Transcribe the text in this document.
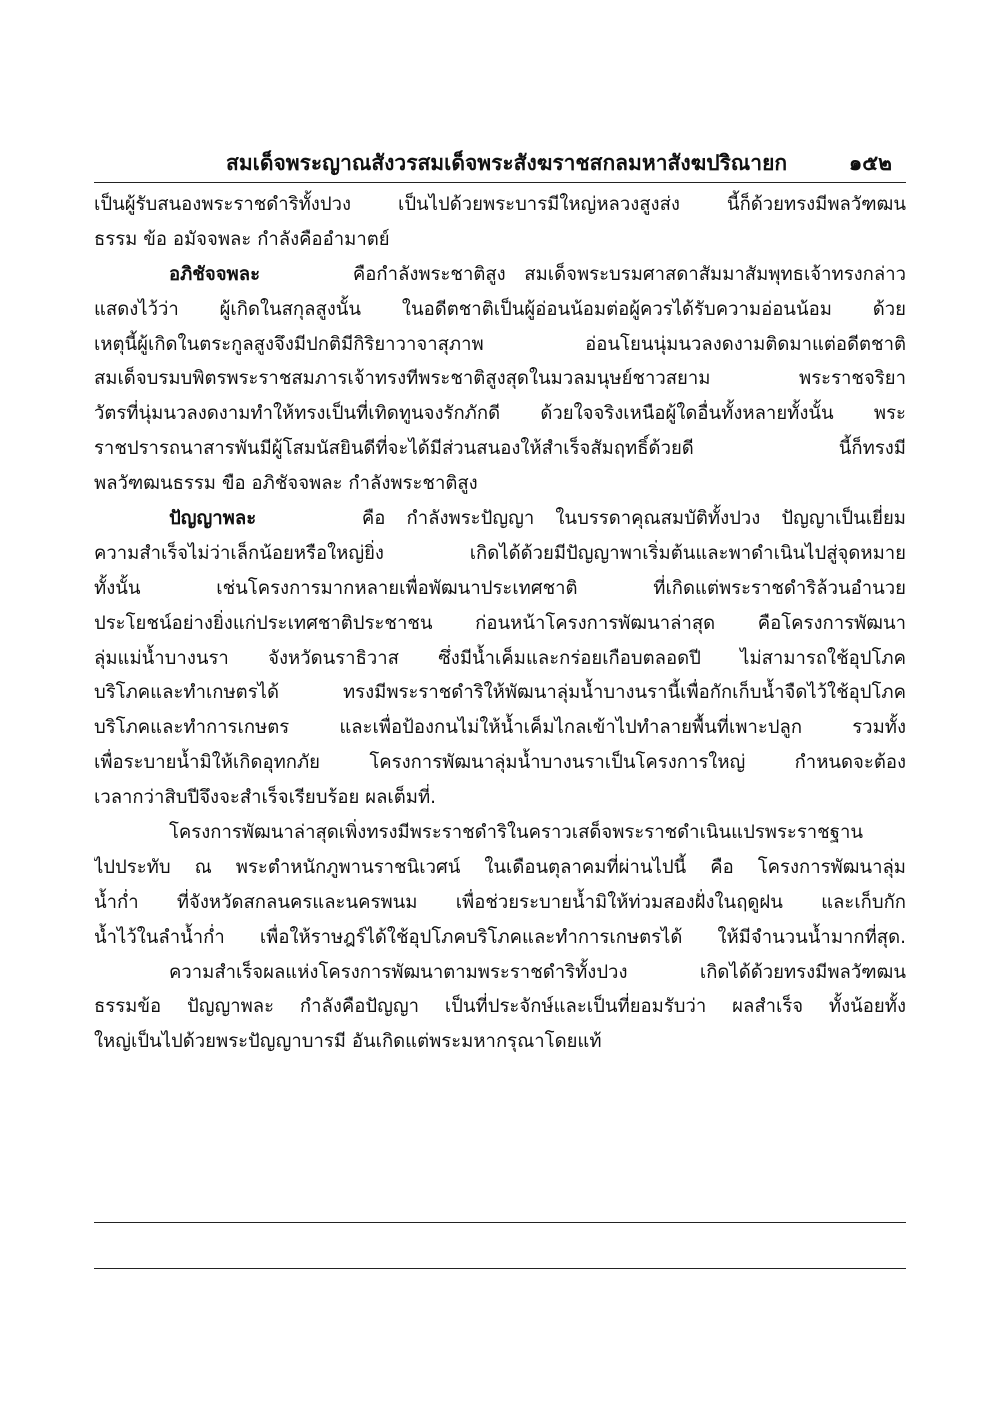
สมเด็จพระญาณสังวรสมเด็จพระสังฆราชสกลมหาสังฆปริณายก	๑๕๒
เป็นผู้รับสนองพระราชดำริทั้งปวง เป็นไปด้วยพระบารมีใหญ่หลวงสูงส่ง นี้ก็ด้วยทรงมีพลวัฑฒน
ธรรม ข้อ อมัจจพละ กำลังคืออำมาตย์
อภิชัจจพละ	คือกำลังพระชาติสูง สมเด็จพระบรมศาสดาสัมมาสัมพุทธเจ้าทรงกล่าว
แสดงไว้ว่า ผู้เกิดในสกุลสูงนั้น ในอดีตชาติเป็นผู้อ่อนน้อมต่อผู้ควรได้รับความอ่อนน้อม ด้วย
เหตุนี้ผู้เกิดในตระกูลสูงจึงมีปกติมีกิริยาวาจาสุภาพ อ่อนโยนนุ่มนวลงดงามติดมาแต่อดีตชาติ
สมเด็จบรมบพิตรพระราชสมภารเจ้าทรงทีพระชาติสูงสุดในมวลมนุษย์ชาวสยาม พระราชจริยา
วัตรที่นุ่มนวลงดงามทำให้ทรงเป็นที่เทิดทูนจงรักภักดี ด้วยใจจริงเหนือผู้ใดอื่นทั้งหลายทั้งนั้น พระ
ราชปรารถนาสารพันมีผู้โสมนัสยินดีที่จะได้มีส่วนสนองให้สำเร็จสัมฤทธิ์ด้วยดี นี้ก็ทรงมี
พลวัฑฒนธรรม ขือ อภิชัจจพละ กำลังพระชาติสูง
ปัญญาพละ	คือ กำลังพระปัญญา ในบรรดาคุณสมบัติทั้งปวง ปัญญาเป็นเยี่ยม
ความสำเร็จไม่ว่าเล็กน้อยหรือใหญ่ยิ่ง เกิดได้ด้วยมีปัญญาพาเริ่มต้นและพาดำเนินไปสู่จุดหมาย
ทั้งนั้น เช่นโครงการมากหลายเพื่อพัฒนาประเทศชาติ ที่เกิดแต่พระราชดำริล้วนอำนวย
ประโยชน์อย่างยิ่งแก่ประเทศชาติประชาชน ก่อนหน้าโครงการพัฒนาล่าสุด คือโครงการพัฒนา
ลุ่มแม่น้ำบางนรา จังหวัดนราธิวาส ซึ่งมีน้ำเค็มและกร่อยเกือบตลอดปี ไม่สามารถใช้อุปโภค
บริโภคและทำเกษตรได้ ทรงมีพระราชดำริให้พัฒนาลุ่มน้ำบางนรานี้เพื่อกักเก็บน้ำจืดไว้ใช้อุปโภค
บริโภคและทำการเกษตร และเพื่อป้องกนไม่ให้น้ำเค็มไกลเข้าไปทำลายพื้นที่เพาะปลูก รวมทั้ง
เพื่อระบายน้ำมิให้เกิดอุทกภัย โครงการพัฒนาลุ่มน้ำบางนราเป็นโครงการใหญ่ กำหนดจะต้อง
เวลากว่าสิบปีจึงจะสำเร็จเรียบร้อย ผลเต็มที่.
โครงการพัฒนาล่าสุดเพิ่งทรงมีพระราชดำริในคราวเสด็จพระราชดำเนินแปรพระราชฐาน
ไปประทับ ณ พระตำหนักภูพานราชนิเวศน์ ในเดือนตุลาคมที่ผ่านไปนี้ คือ โครงการพัฒนาลุ่ม
น้ำก่ำ ที่จังหวัดสกลนครและนครพนม เพื่อช่วยระบายน้ำมิให้ท่วมสองฝั่งในฤดูฝน และเก็บกัก
น้ำไว้ในลำน้ำก่ำ เพื่อให้ราษฎร์ได้ใช้อุปโภคบริโภคและทำการเกษตรได้ ให้มีจำนวนน้ำมากที่สุด.
ความสำเร็จผลแห่งโครงการพัฒนาตามพระราชดำริทั้งปวง เกิดได้ด้วยทรงมีพลวัฑฒน
ธรรมข้อ ปัญญาพละ กำลังคือปัญญา เป็นที่ประจักษ์และเป็นที่ยอมรับว่า ผลสำเร็จ ทั้งน้อยทั้ง
ใหญ่เป็นไปด้วยพระปัญญาบารมี อันเกิดแต่พระมหากรุณาโดยแท้
